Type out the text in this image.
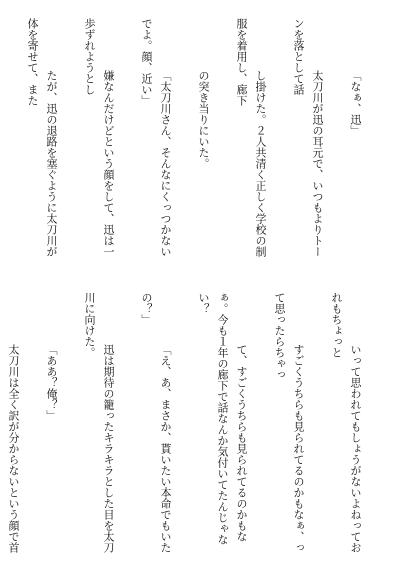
「なぁ、迅」

太刀川が迅の耳元で、いつもよりトーンを落として話

し掛けた。２人共清く正しく学校の制服を着用し、廊下

の突き当りにいた。

「太刀川さん、そんなにくっつかないでよ。顔、近い」

嫌なんだけどという顔をして、迅は一歩ずれようとし

たが、迅の退路を塞ぐように太刀川が体を寄せて、また

いって思われてもしょうがないよねっておれもちょっと

すごくうちらも見られてるのかもなぁ、って思ったらちゃっ

て、すごくうちらも見られてるのかもなぁ。今も１年の廊下で話なんか気付いてたんじゃない？

「え、あ、まさか、貰いたい本命でもいたの？」

迅は期待の籠ったキラキラとした目を太刀川に向けた。

「ああ？俺？」

太刀川は全く訳が分からないという顔で首
